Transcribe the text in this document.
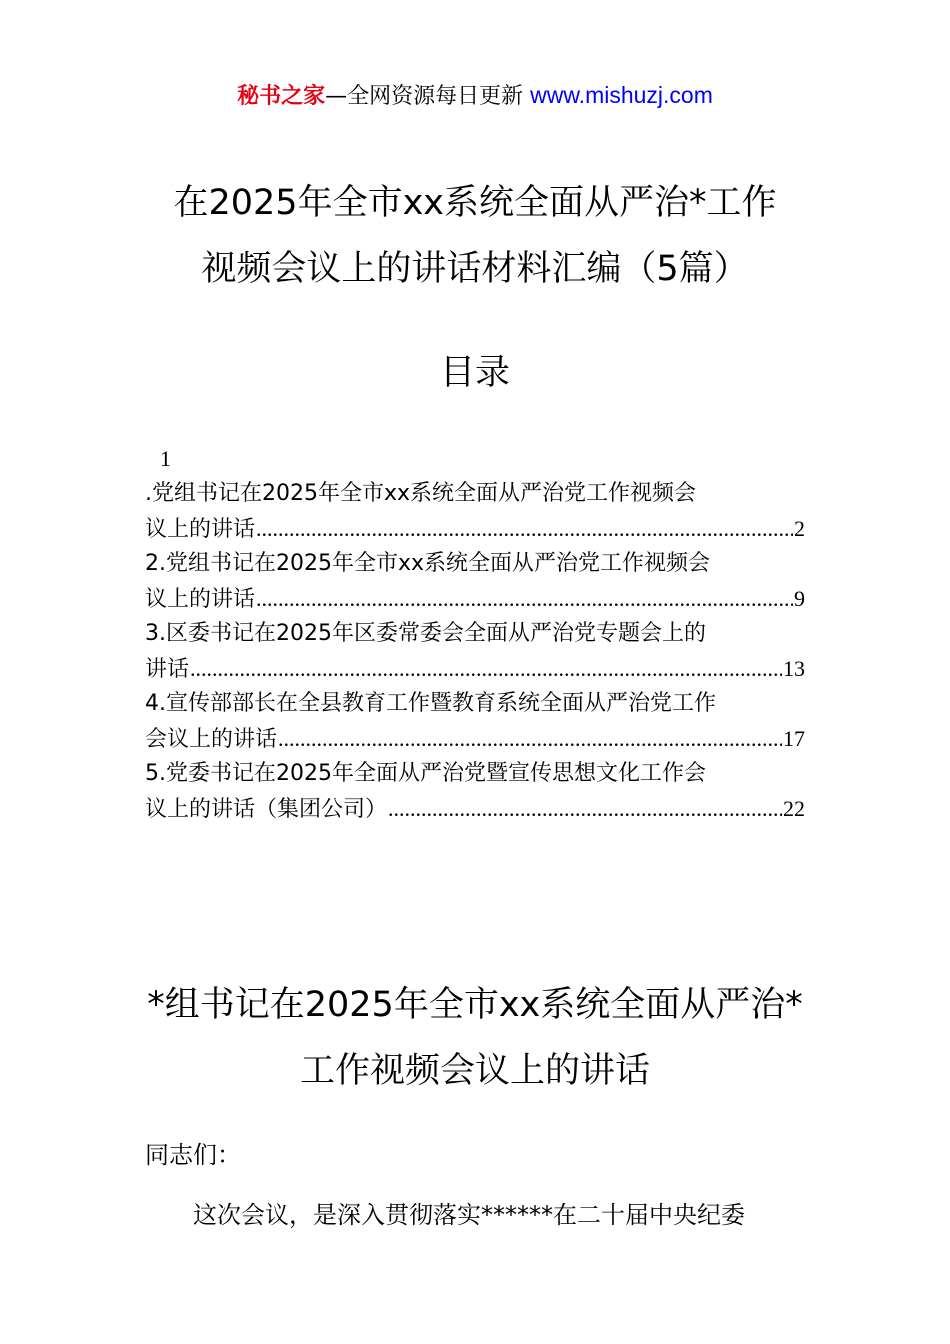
秘书之家—全网资源每日更新 www.mishuzj.com
在2025年全市xx系统全面从严治*工作
视频会议上的讲话材料汇编（5篇）
目录
1
.党组书记在2025年全市xx系统全面从严治党工作视频会
议上的讲话 .....	2
2.党组书记在2025年全市xx系统全面从严治党工作视频会
议上的讲话 .....	9
3.区委书记在2025年区委常委会全面从严治党专题会上的
讲话 .....	13
4.宣传部部长在全县教育工作暨教育系统全面从严治党工作
会议上的讲话 .....	17
5.党委书记在2025年全面从严治党暨宣传思想文化工作会
议上的讲话（集团公司） .....	22
*组书记在2025年全市xx系统全面从严治*
工作视频会议上的讲话
同志们：

这次会议，是深入贯彻落实******在二十届中央纪委
